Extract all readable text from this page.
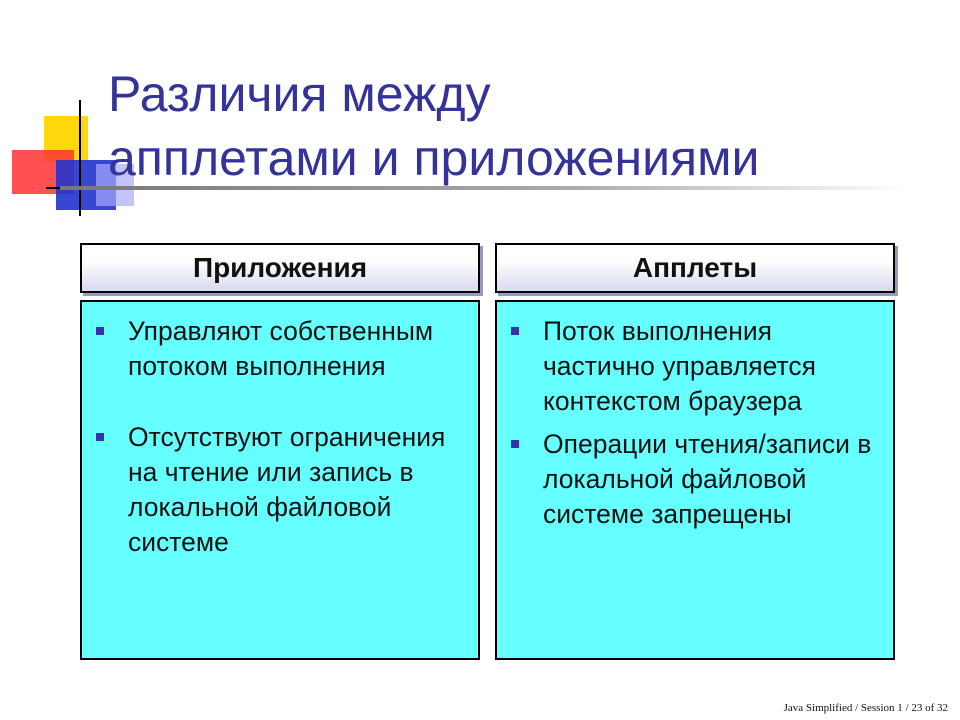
Различия между
апплетами и приложениями
Приложения
Управляют собственным потоком выполнения
Отсутствуют ограничения на чтение или запись в локальной файловой системе
Апплеты
Поток выполнения частично управляется контекстом браузера
Операции чтения/записи в локальной файловой системе запрещены
Java Simplified / Session 1 / 23 of 32
